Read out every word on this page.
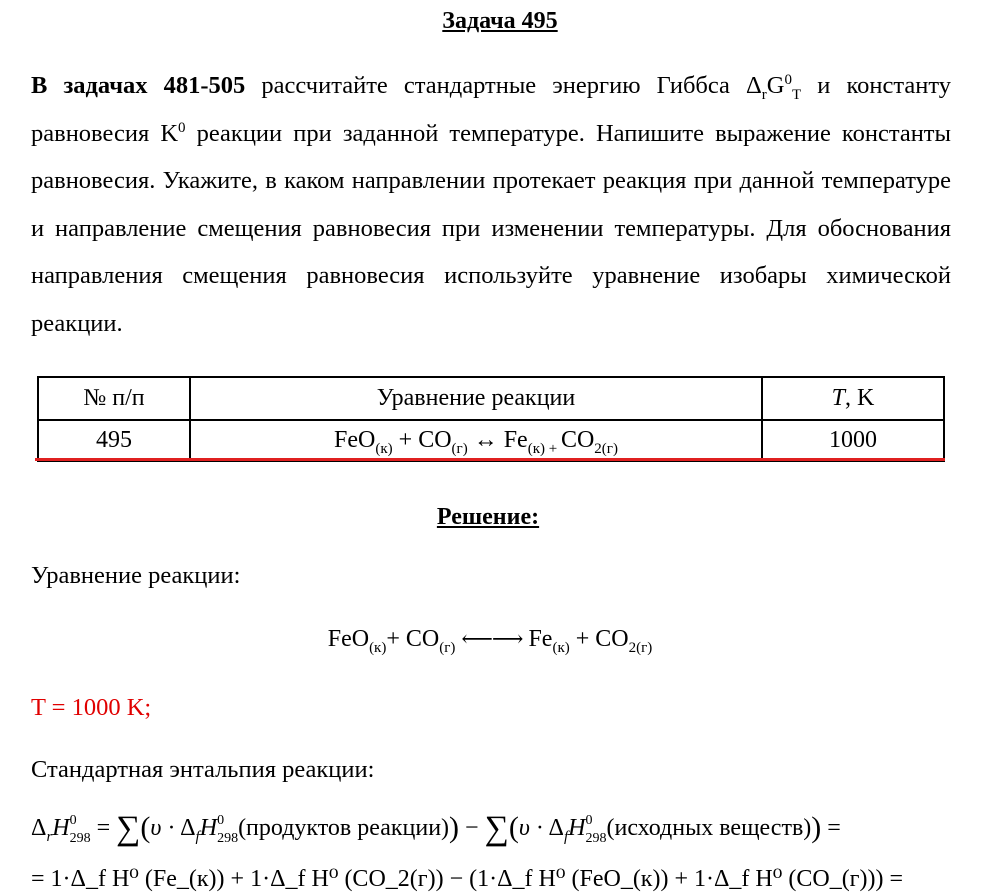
Задача 495
В задачах 481-505 рассчитайте стандартные энергию Гиббса $\Delta_rG^0_T$ и константу равновесия $K^0$ реакции при заданной температуре. Напишите выражение константы равновесия. Укажите, в каком направлении протекает реакция при данной температуре и направление смещения равновесия при изменении температуры. Для обоснования направления смещения равновесия используйте уравнение изобары химической реакции.
№ п/п	Уравнение реакции	T, K
495	$FeO_{(к)} + CO_{(г)}$ ↔ $Fe_{(к) +}$ $CO_{2(г)}$	1000
Решение:
Уравнение реакции:
$FeO_{(к)}+ CO_{(г)}$ ⟵⟶ $Fe_{(к)} + CO_{2(г)}$
T = 1000 K;
Стандартная энтальпия реакции:
$\Delta_rH^0_{298} = \sum(\upsilon$ · $\Delta_fH^0_{298}(продуктов$ реакции)) − $\sum(\upsilon \cdot \Delta_fH^0_{298}(исходных$ веществ)) =
= 1·Δ_f H⁰ (Fe_(к)) + 1·Δ_f H⁰ (CO_2(г)) − (1·Δ_f H⁰ (FeO_(к)) + 1·Δ_f H⁰ (CO_(г))) =
